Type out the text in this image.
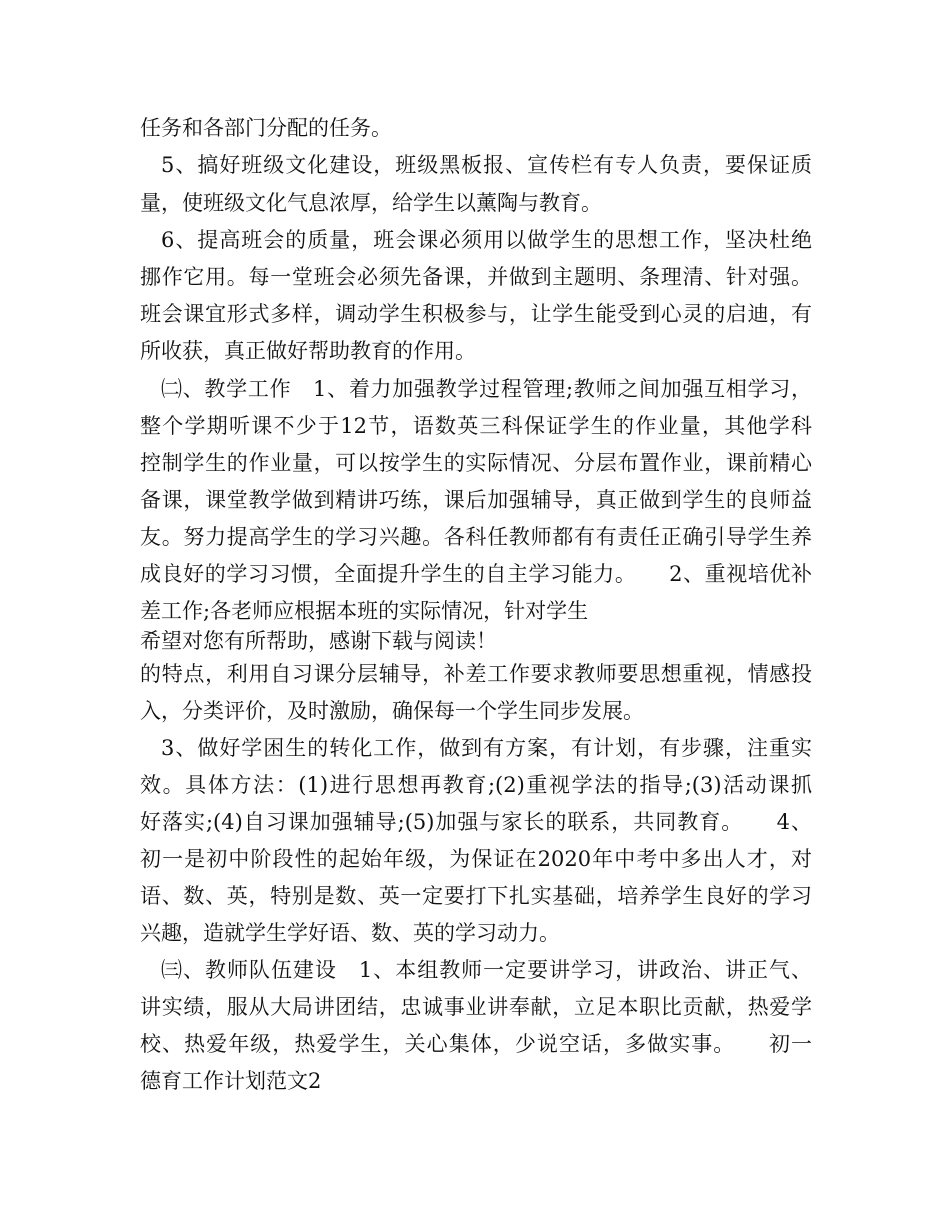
任务和各部门分配的任务。
5、搞好班级文化建设，班级黑板报、宣传栏有专人负责，要保证质
量，使班级文化气息浓厚，给学生以薰陶与教育。
6、提高班会的质量，班会课必须用以做学生的思想工作，坚决杜绝
挪作它用。每一堂班会必须先备课，并做到主题明、条理清、针对强。
班会课宜形式多样，调动学生积极参与，让学生能受到心灵的启迪，有
所收获，真正做好帮助教育的作用。
㈡、教学工作　1、着力加强教学过程管理;教师之间加强互相学习，
整个学期听课不少于12节，语数英三科保证学生的作业量，其他学科
控制学生的作业量，可以按学生的实际情况、分层布置作业，课前精心
备课，课堂教学做到精讲巧练，课后加强辅导，真正做到学生的良师益
友。努力提高学生的学习兴趣。各科任教师都有有责任正确引导学生养
成良好的学习习惯，全面提升学生的自主学习能力。　　2、重视培优补
差工作;各老师应根据本班的实际情况，针对学生
希望对您有所帮助，感谢下载与阅读！
的特点，利用自习课分层辅导，补差工作要求教师要思想重视，情感投
入，分类评价，及时激励，确保每一个学生同步发展。
3、做好学困生的转化工作，做到有方案，有计划，有步骤，注重实
效。具体方法：(1)进行思想再教育;(2)重视学法的指导;(3)活动课抓
好落实;(4)自习课加强辅导;(5)加强与家长的联系，共同教育。　　4、
初一是初中阶段性的起始年级，为保证在2020年中考中多出人才，对
语、数、英，特别是数、英一定要打下扎实基础，培养学生良好的学习
兴趣，造就学生学好语、数、英的学习动力。
㈢、教师队伍建设　1、本组教师一定要讲学习，讲政治、讲正气、
讲实绩，服从大局讲团结，忠诚事业讲奉献，立足本职比贡献，热爱学
校、热爱年级，热爱学生，关心集体，少说空话，多做实事。　　初一
德育工作计划范文2
